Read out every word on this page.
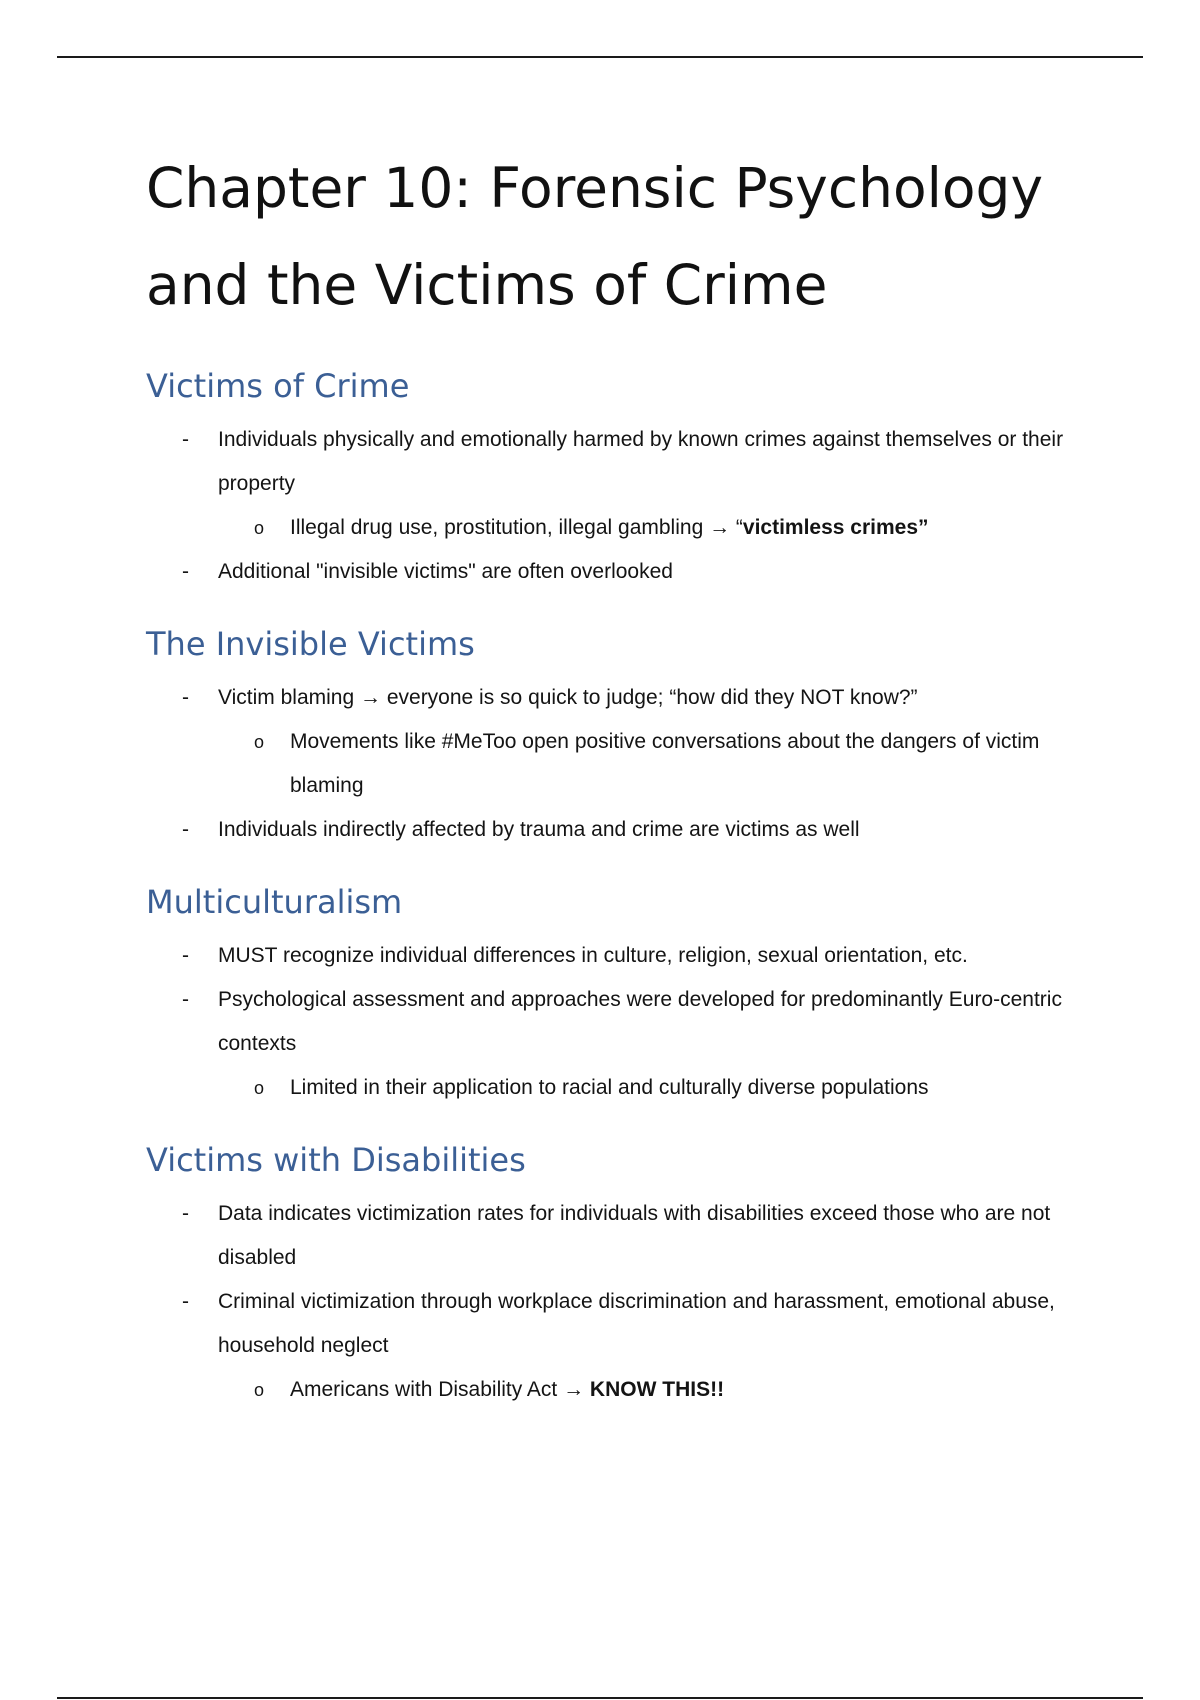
Chapter 10: Forensic Psychology
and the Victims of Crime
Victims of Crime
- Individuals physically and emotionally harmed by known crimes against themselves or their property
o Illegal drug use, prostitution, illegal gambling → “victimless crimes”
- Additional "invisible victims" are often overlooked
The Invisible Victims
- Victim blaming → everyone is so quick to judge; “how did they NOT know?”
o Movements like #MeToo open positive conversations about the dangers of victim blaming
- Individuals indirectly affected by trauma and crime are victims as well
Multiculturalism
- MUST recognize individual differences in culture, religion, sexual orientation, etc.
- Psychological assessment and approaches were developed for predominantly Euro-centric contexts
o Limited in their application to racial and culturally diverse populations
Victims with Disabilities
- Data indicates victimization rates for individuals with disabilities exceed those who are not disabled
- Criminal victimization through workplace discrimination and harassment, emotional abuse, household neglect
o Americans with Disability Act → KNOW THIS!!
